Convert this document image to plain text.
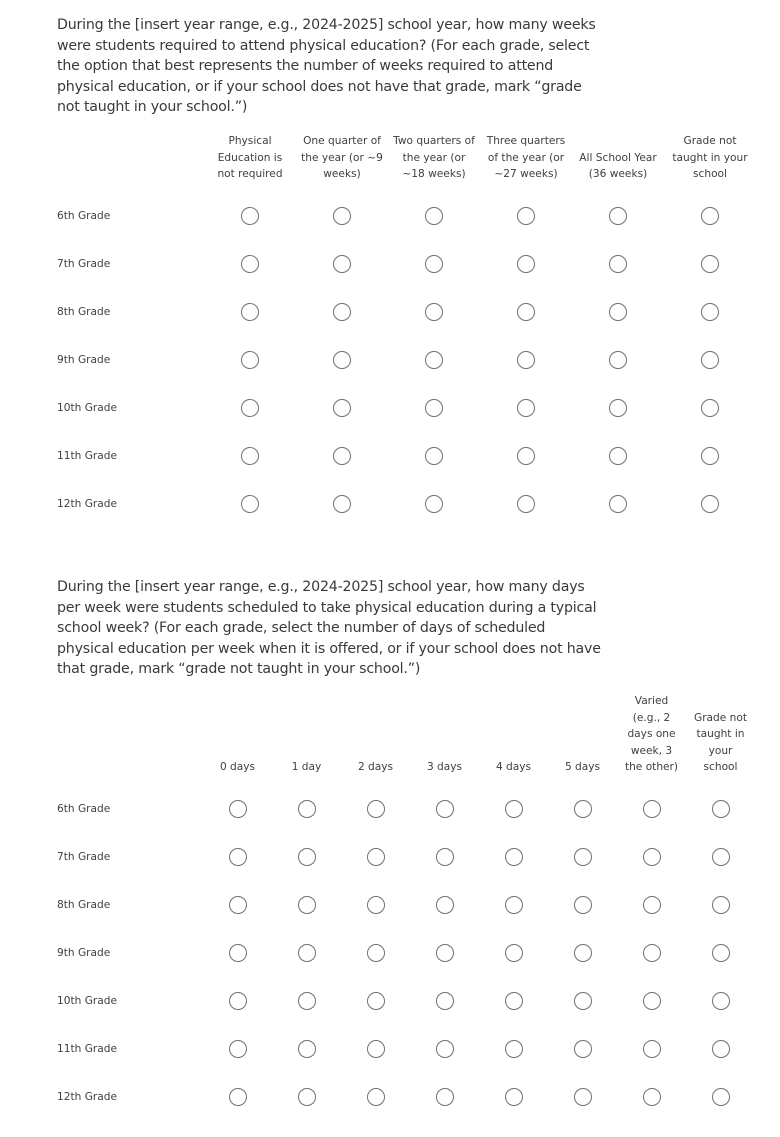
During the [insert year range, e.g., 2024-2025] school year, how many weeks were students required to attend physical education? (For each grade, select the option that best represents the number of weeks required to attend physical education, or if your school does not have that grade, mark “grade not taught in your school.”)
	Physical Education is not required	One quarter of the year (or ~9 weeks)	Two quarters of the year (or ~18 weeks)	Three quarters of the year (or ~27 weeks)	All School Year (36 weeks)	Grade not taught in your school
6th Grade						
7th Grade						
8th Grade						
9th Grade						
10th Grade						
11th Grade						
12th Grade						
During the [insert year range, e.g., 2024-2025] school year, how many days per week were students scheduled to take physical education during a typical school week? (For each grade, select the number of days of scheduled physical education per week when it is offered, or if your school does not have that grade, mark “grade not taught in your school.”)
	0 days	1 day	2 days	3 days	4 days	5 days	Varied (e.g., 2 days one week, 3 the other)	Grade not taught in your school
6th Grade								
7th Grade								
8th Grade								
9th Grade								
10th Grade								
11th Grade								
12th Grade								
